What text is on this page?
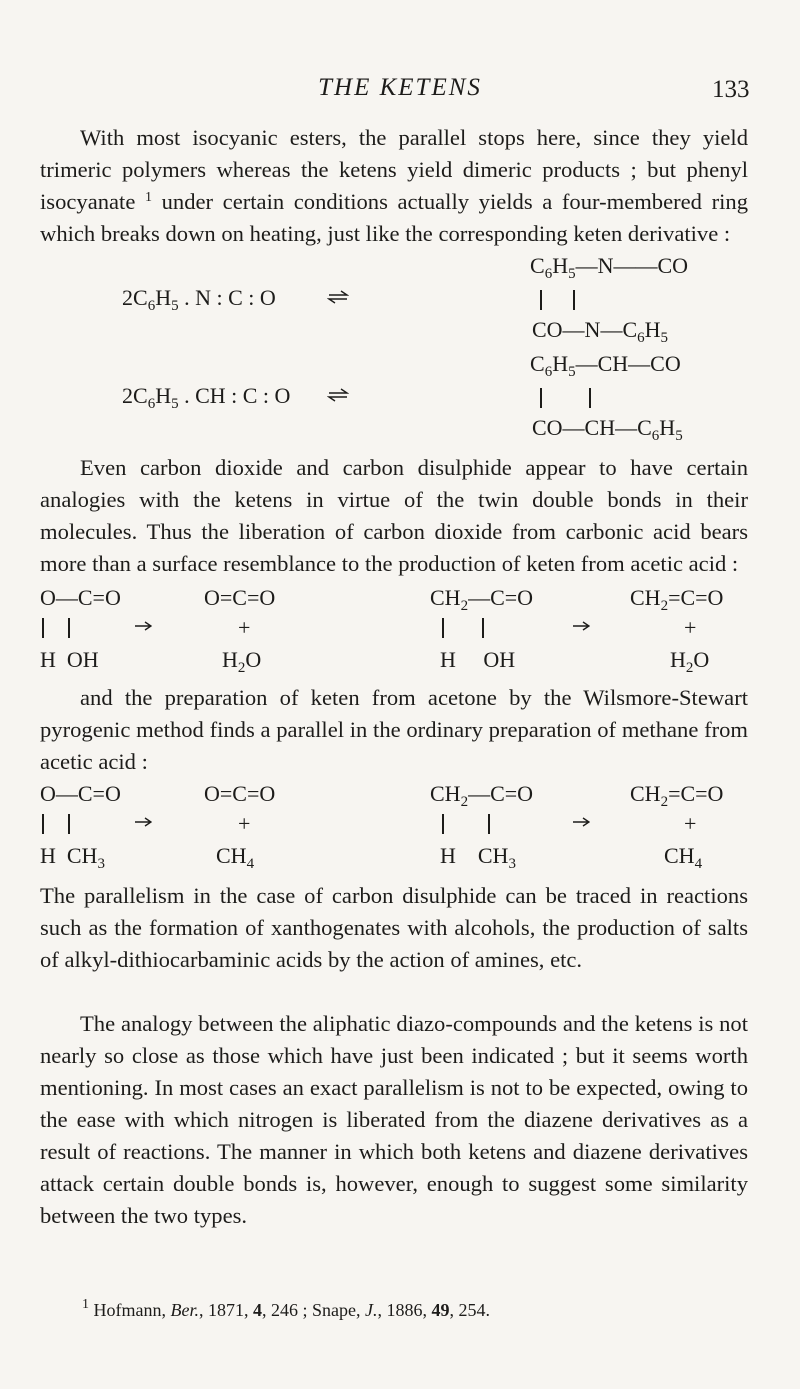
THE KETENS	133
With most isocyanic esters, the parallel stops here, since they yield trimeric polymers whereas the ketens yield dimeric products ; but phenyl isocyanate $^1$ under certain conditions actually yields a four-membered ring which breaks down on heating, just like the corresponding keten derivative :
$C_6H_5—N——CO$
$2C_6H_5$ . N : C : O
$CO—N—C_6H_5$
$C_6H_5—CH—CO$
$2C_6H_5$ . CH : C : O
$CO—CH—C_6H_5$
Even carbon dioxide and carbon disulphide appear to have certain analogies with the ketens in virtue of the twin double bonds in their molecules. Thus the liberation of carbon dioxide from carbonic acid bears more than a surface resemblance to the production of keten from acetic acid :
O—C=O	O=C=O	$CH_2—C=O$	$CH_2=C=O$
+	+
H  OH	$H_2O$	H     OH	$H_2O$
and the preparation of keten from acetone by the Wilsmore-Stewart pyrogenic method finds a parallel in the ordinary preparation of methane from acetic acid :
O—C=O	O=C=O	$CH_2—C=O$	$CH_2=C=O$
+	+
H  $CH_3$	$CH_4$	H    $CH_3$	$CH_4$
The parallelism in the case of carbon disulphide can be traced in reactions such as the formation of xanthogenates with alcohols, the production of salts of alkyl-dithiocarbaminic acids by the action of amines, etc.
The analogy between the aliphatic diazo-compounds and the ketens is not nearly so close as those which have just been indicated ; but it seems worth mentioning. In most cases an exact parallelism is not to be expected, owing to the ease with which nitrogen is liberated from the diazene derivatives as a result of reactions. The manner in which both ketens and diazene derivatives attack certain double bonds is, however, enough to suggest some similarity between the two types.
$^1$ Hofmann, Ber., 1871, 4, 246 ; Snape, J., 1886, 49, 254.
